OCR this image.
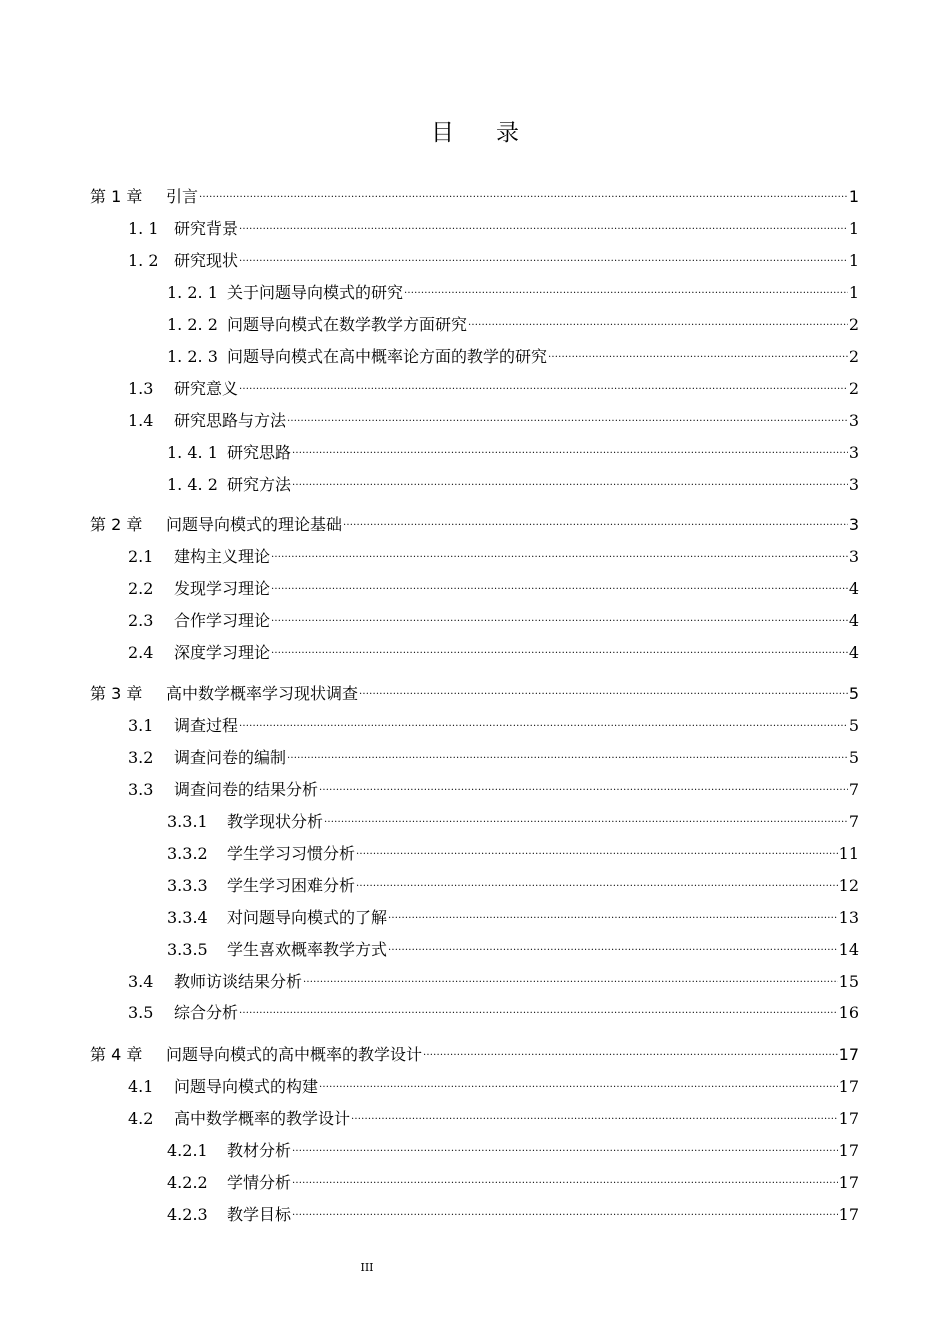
目 录
第 1 章	引言 .....	1
1. 1 研究背景 .....	1
1. 2 研究现状 .....	1
1. 2. 1 关于问题导向模式的研究 .....	1
1. 2. 2 问题导向模式在数学教学方面研究 .....	2
1. 2. 3 问题导向模式在高中概率论方面的教学的研究 .....	2
1.3	研究意义 .....	2
1.4	研究思路与方法 .....	3
1. 4. 1 研究思路 .....	3
1. 4. 2 研究方法 .....	3
第 2 章	问题导向模式的理论基础 .....	3
2.1	建构主义理论 .....	3
2.2	发现学习理论 .....	4
2.3	合作学习理论 .....	4
2.4	深度学习理论 .....	4
第 3 章	高中数学概率学习现状调查 .....	5
3.1	调查过程 .....	5
3.2	调查问卷的编制 .....	5
3.3	调查问卷的结果分析 .....	7
3.3.1	教学现状分析 .....	7
3.3.2	学生学习习惯分析 .....	11
3.3.3	学生学习困难分析 .....	12
3.3.4	对问题导向模式的了解 .....	13
3.3.5	学生喜欢概率教学方式 .....	14
3.4	教师访谈结果分析 .....	15
3.5	综合分析 .....	16
第 4 章	问题导向模式的高中概率的教学设计 .....	17
4.1	问题导向模式的构建 .....	17
4.2	高中数学概率的教学设计 .....	17
4.2.1	教材分析 .....	17
4.2.2	学情分析 .....	17
4.2.3	教学目标 .....	17
III
